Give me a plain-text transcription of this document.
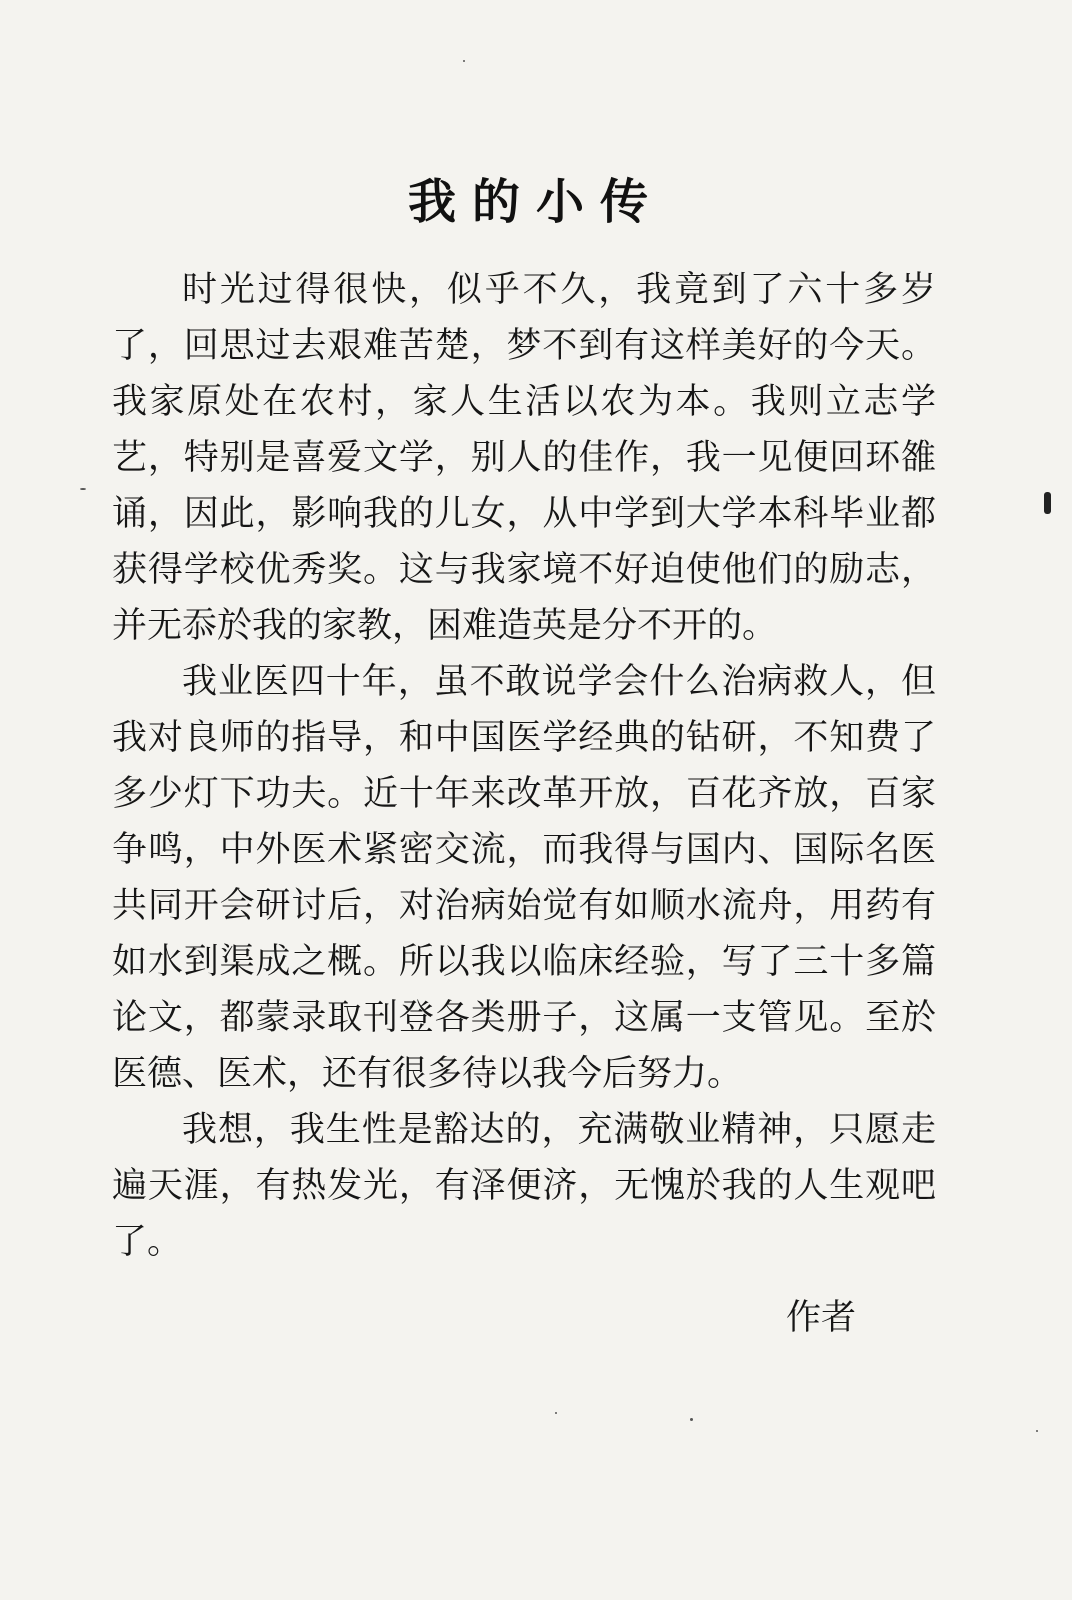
我的小传

时光过得很快，似乎不久，我竟到了六十多岁了，回思过去艰难苦楚，梦不到有这样美好的今天。我家原处在农村，家人生活以农为本。我则立志学艺，特别是喜爱文学，别人的佳作，我一见便回环雒诵，因此，影响我的儿女，从中学到大学本科毕业都获得学校优秀奖。这与我家境不好迫使他们的励志，并无忝於我的家教，困难造英是分不开的。

我业医四十年，虽不敢说学会什么治病救人，但我对良师的指导，和中国医学经典的钻研，不知费了多少灯下功夫。近十年来改革开放，百花齐放，百家争鸣，中外医术紧密交流，而我得与国内、国际名医共同开会研讨后，对治病始觉有如顺水流舟，用药有如水到渠成之概。所以我以临床经验，写了三十多篇论文，都蒙录取刊登各类册子，这属一支管见。至於医德、医术，还有很多待以我今后努力。

我想，我生性是豁达的，充满敬业精神，只愿走遍天涯，有热发光，有泽便济，无愧於我的人生观吧了。

作者
